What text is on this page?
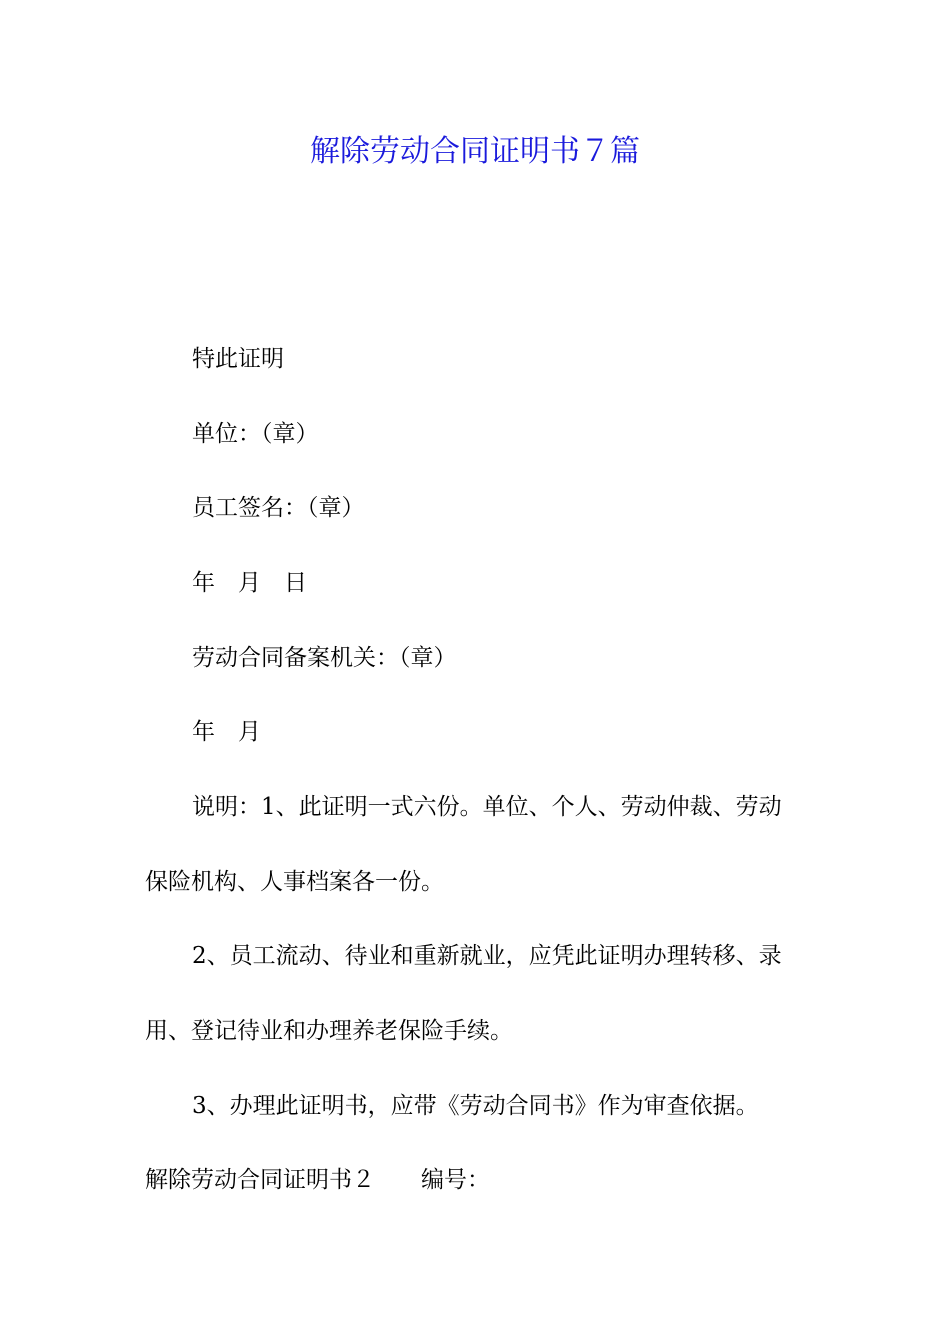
解除劳动合同证明书７篇
特此证明
单位：（章）
员工签名：（章）
年　月　日
劳动合同备案机关：（章）
年　月
说明：1、此证明一式六份。单位、个人、劳动仲裁、劳动
保险机构、人事档案各一份。
2、员工流动、待业和重新就业，应凭此证明办理转移、录
用、登记待业和办理养老保险手续。
3、办理此证明书，应带《劳动合同书》作为审查依据。
解除劳动合同证明书２ 编号：
